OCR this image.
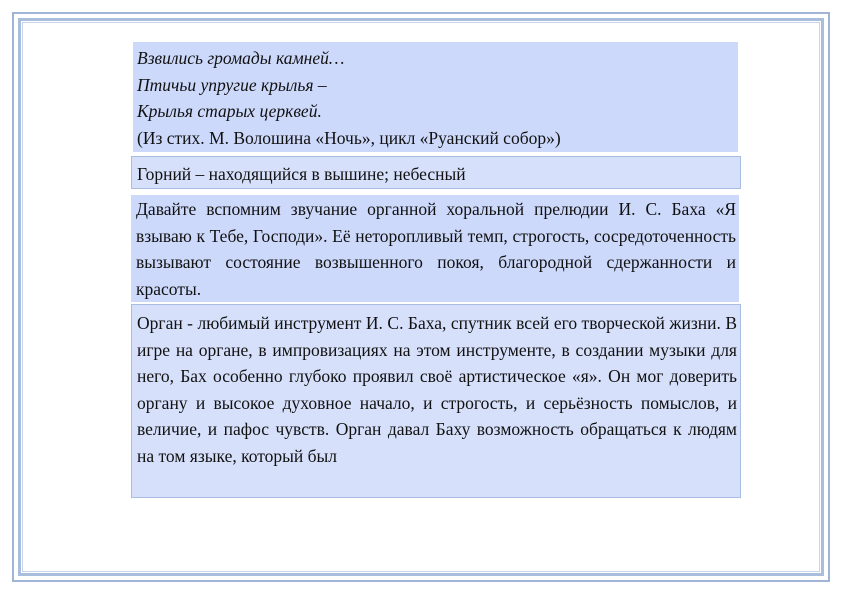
Взвились громады камней…
Птичьи упругие крылья –
Крылья старых церквей.
(Из стих. М. Волошина «Ночь», цикл «Руанский собор»)
Горний – находящийся в вышине; небесный
Давайте вспомним звучание органной хоральной прелюдии И. С. Баха «Я взываю к Тебе, Господи». Её неторопливый темп, строгость, сосредоточенность вызывают состояние возвышенного покоя, благородной сдержанности и красоты.
Орган - любимый инструмент И. С. Баха, спутник всей его творческой жизни. В игре на органе, в импровизациях на этом инструменте, в создании музыки для него, Бах особенно глубоко проявил своё артистическое «я». Он мог доверить органу и высокое духовное начало, и строгость, и серьёзность помыслов, и величие, и пафос чувств. Орган давал Баху возможность обращаться к людям на том языке, который был
